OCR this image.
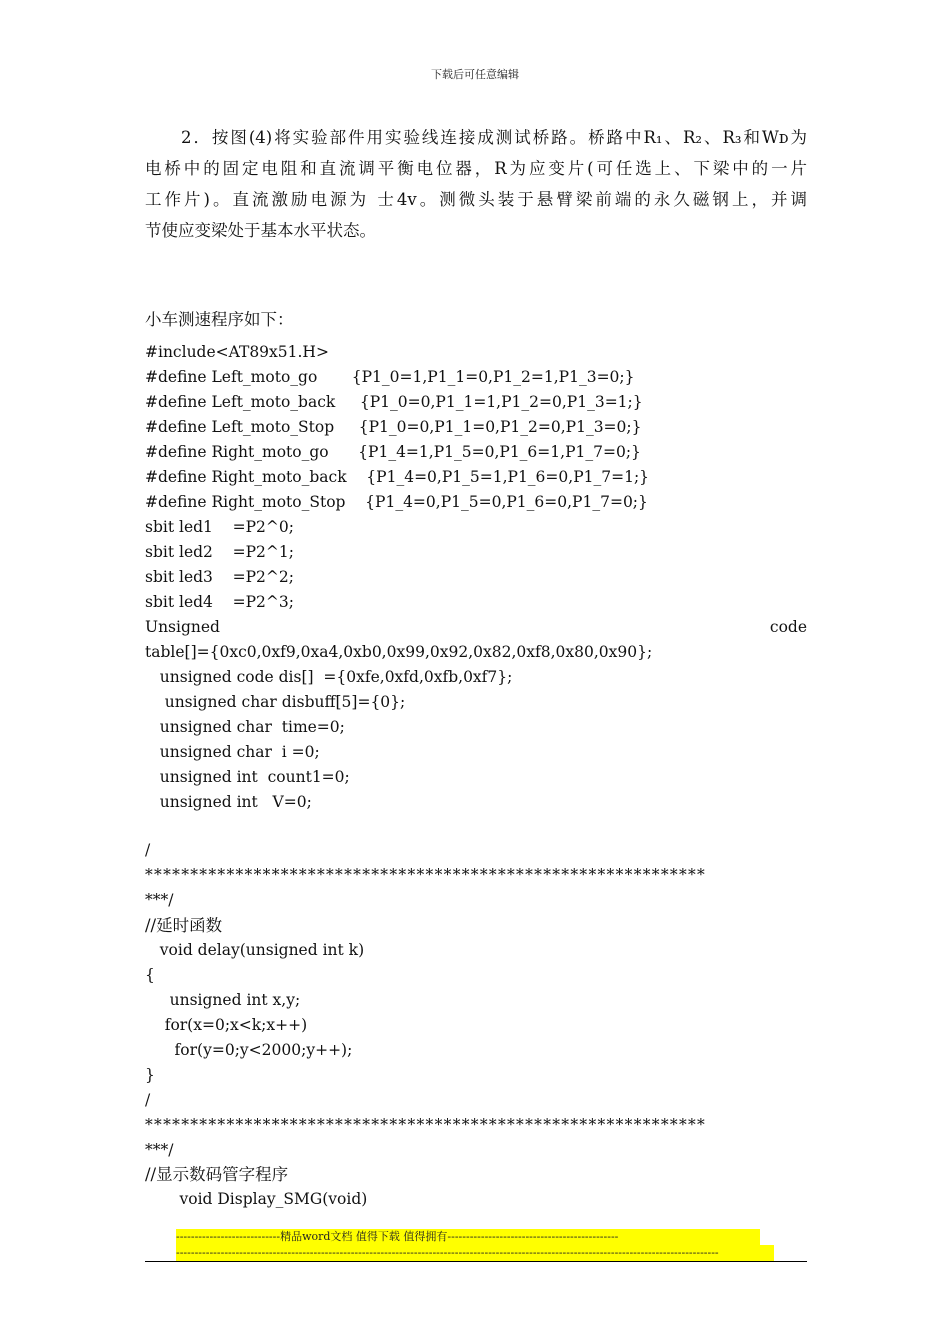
下载后可任意编辑
2．按图(4)将实验部件用实验线连接成测试桥路。桥路中R₁、R₂、R₃和Wᴅ为
电桥中的固定电阻和直流调平衡电位器，R为应变片(可任选上、下梁中的一片
工作片)。直流激励电源为 士4v。测微头装于悬臂梁前端的永久磁钢上，并调
节使应变梁处于基本水平状态。
小车测速程序如下：
#include<AT89x51.H>
#define Left_moto_go       {P1_0=1,P1_1=0,P1_2=1,P1_3=0;}
#define Left_moto_back     {P1_0=0,P1_1=1,P1_2=0,P1_3=1;}
#define Left_moto_Stop     {P1_0=0,P1_1=0,P1_2=0,P1_3=0;}
#define Right_moto_go      {P1_4=1,P1_5=0,P1_6=1,P1_7=0;}
#define Right_moto_back    {P1_4=0,P1_5=1,P1_6=0,P1_7=1;}
#define Right_moto_Stop    {P1_4=0,P1_5=0,P1_6=0,P1_7=0;}
sbit led1    =P2^0;
sbit led2    =P2^1;
sbit led3    =P2^2;
sbit led4    =P2^3;
Unsigned	code
table[]={0xc0,0xf9,0xa4,0xb0,0x99,0x92,0x82,0xf8,0x80,0x90};
unsigned code dis[]  ={0xfe,0xfd,0xfb,0xf7};
unsigned char disbuff[5]={0};
unsigned char  time=0;
unsigned char  i =0;
unsigned int  count1=0;
unsigned int   V=0;
/
**************************************************************
***/
//延时函数
void delay(unsigned int k)
{
unsigned int x,y;
for(x=0;x<k;x++)
for(y=0;y<2000;y++);
}
/
**************************************************************
***/
//显示数码管字程序
void Display_SMG(void)
----------------------------精品word文档 值得下载 值得拥有----------------------------------------------
--------------------------------------------------------------------------------------------------------------------------------------------------
